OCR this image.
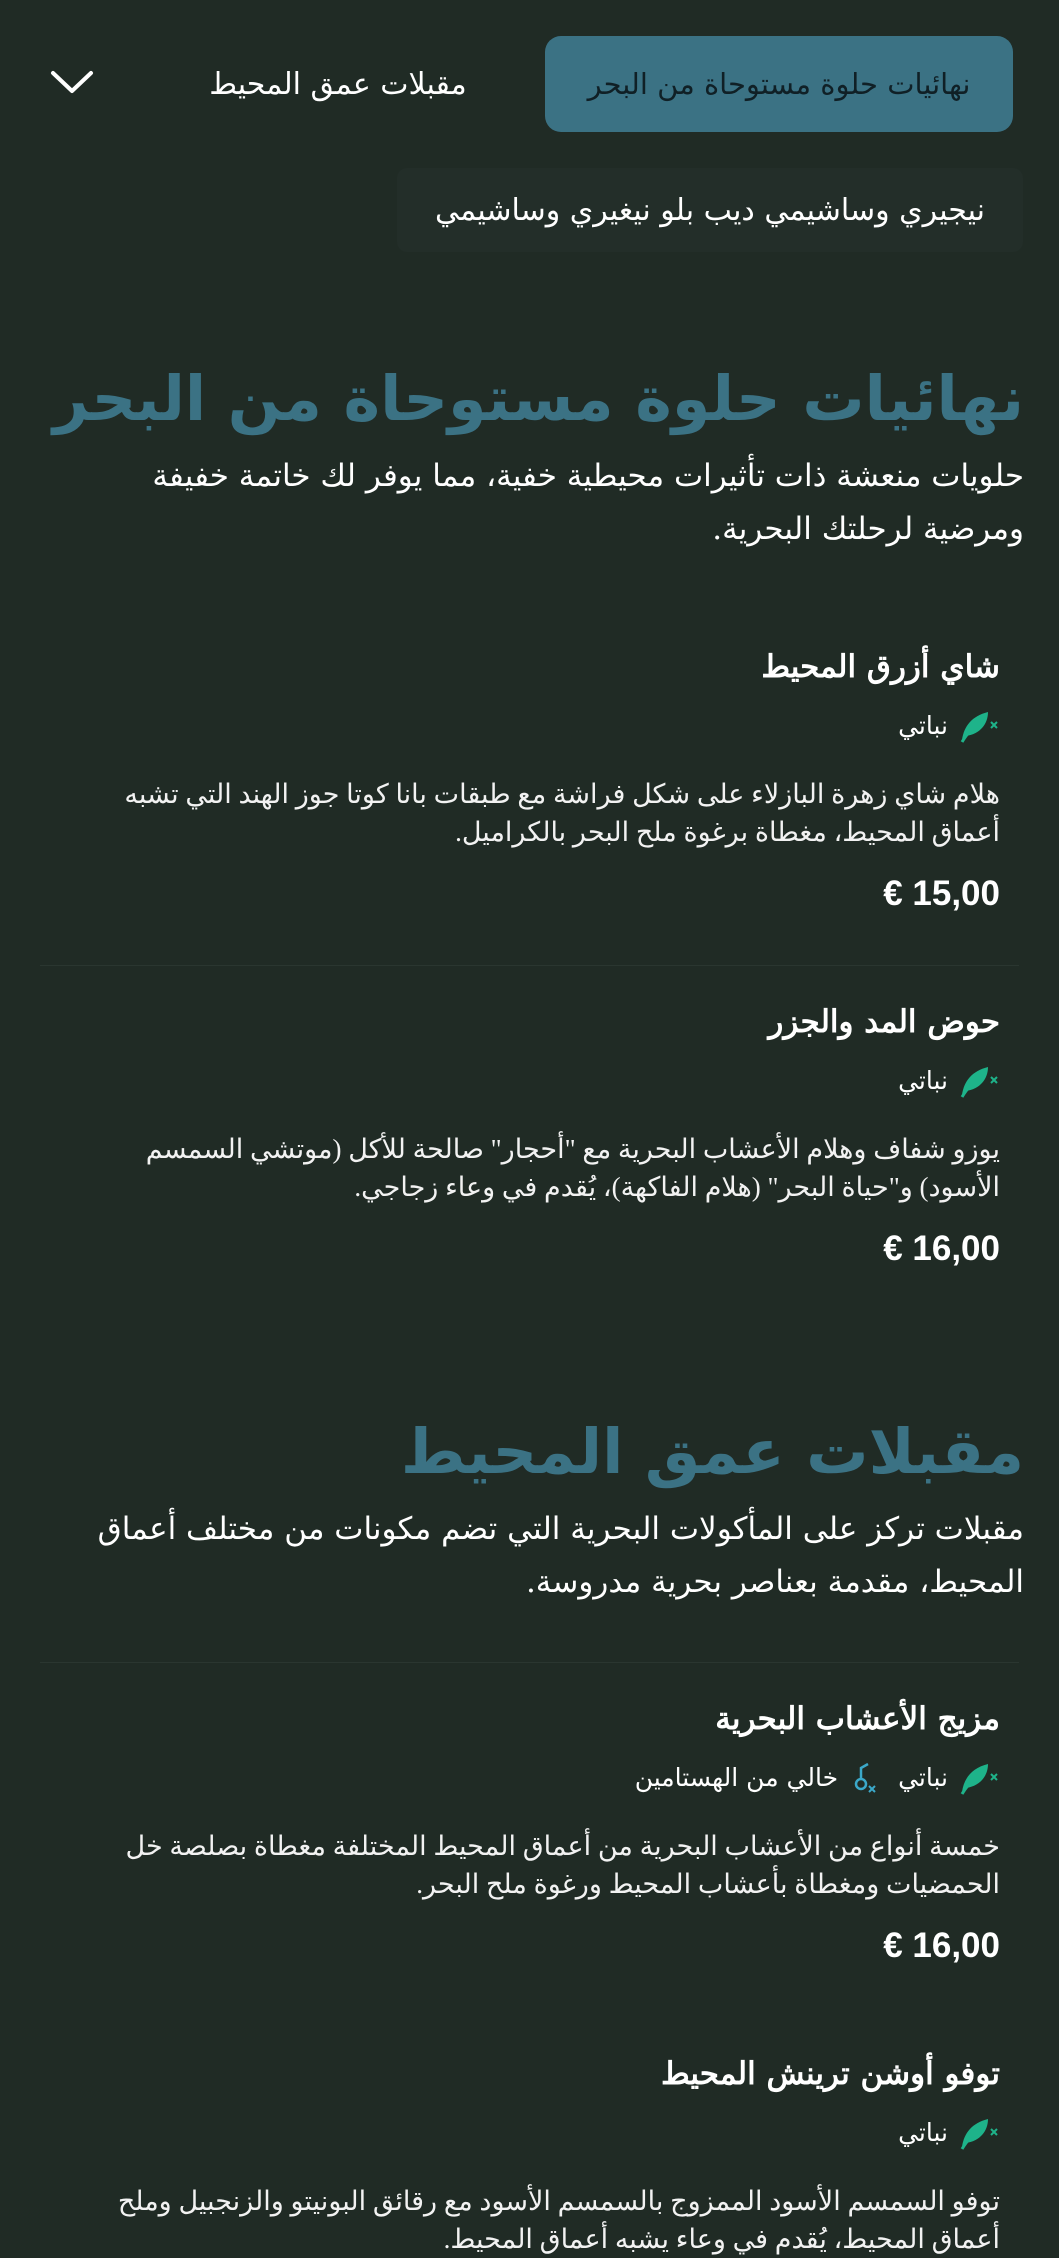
نهائيات حلوة مستوحاة من البحر
مقبلات عمق المحيط
نيجيري وساشيمي ديب بلو نيغيري وساشيمي
نهائيات حلوة مستوحاة من البحر

حلويات منعشة ذات تأثيرات محيطية خفية، مما يوفر لك خاتمة خفيفة ومرضية لرحلتك البحرية.

شاي أزرق المحيط
نباتي
هلام شاي زهرة البازلاء على شكل فراشة مع طبقات بانا كوتا جوز الهند التي تشبه أعماق المحيط، مغطاة برغوة ملح البحر بالكراميل.
15,00 €
حوض المد والجزر
نباتي
يوزو شفاف وهلام الأعشاب البحرية مع "أحجار" صالحة للأكل (موتشي السمسم الأسود) و"حياة البحر" (هلام الفاكهة)، يُقدم في وعاء زجاجي.
16,00 €
مقبلات عمق المحيط

مقبلات تركز على المأكولات البحرية التي تضم مكونات من مختلف أعماق المحيط، مقدمة بعناصر بحرية مدروسة.

مزيج الأعشاب البحرية
نباتي
خالي من الهستامين
خمسة أنواع من الأعشاب البحرية من أعماق المحيط المختلفة مغطاة بصلصة خل الحمضيات ومغطاة بأعشاب المحيط ورغوة ملح البحر.
16,00 €
توفو أوشن ترينش المحيط
نباتي
توفو السمسم الأسود الممزوج بالسمسم الأسود مع رقائق البونيتو والزنجبيل وملح أعماق المحيط، يُقدم في وعاء يشبه أعماق المحيط.
